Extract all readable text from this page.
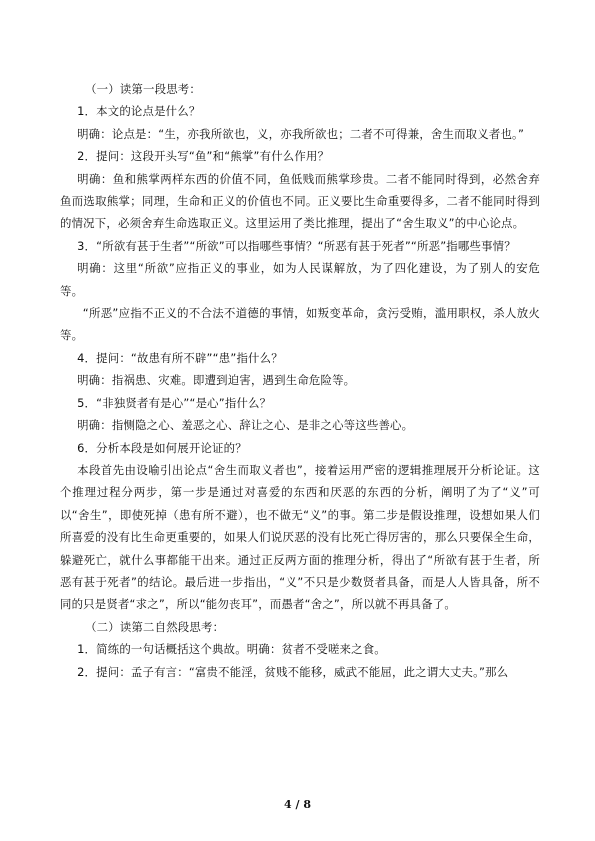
（一）读第一段思考：

1．本文的论点是什么？

明确：论点是：“生，亦我所欲也，义，亦我所欲也；二者不可得兼，舍生而取义者也。”

2．提问：这段开头写“鱼”和“熊掌”有什么作用？

明确：鱼和熊掌两样东西的价值不同，鱼低贱而熊掌珍贵。二者不能同时得到，必然舍弃鱼而选取熊掌；同理，生命和正义的价值也不同。正义要比生命重要得多，二者不能同时得到的情况下，必须舍弃生命选取正义。这里运用了类比推理，提出了“舍生取义”的中心论点。

3．“所欲有甚于生者”“所欲”可以指哪些事情？“所恶有甚于死者”“所恶”指哪些事情？

明确：这里“所欲”应指正义的事业，如为人民谋解放，为了四化建设，为了别人的安危等。

“所恶”应指不正义的不合法不道德的事情，如叛变革命，贪污受贿，滥用职权，杀人放火等。

4．提问：“故患有所不辟”“患”指什么？

明确：指祸患、灾难。即遭到迫害，遇到生命危险等。

5．“非独贤者有是心”“是心”指什么？

明确：指恻隐之心、羞恶之心、辞让之心、是非之心等这些善心。

6．分析本段是如何展开论证的？

本段首先由设喻引出论点“舍生而取义者也”，接着运用严密的逻辑推理展开分析论证。这个推理过程分两步，第一步是通过对喜爱的东西和厌恶的东西的分析，阐明了为了“义”可以“舍生”，即使死掉（患有所不避），也不做无“义”的事。第二步是假设推理，设想如果人们所喜爱的没有比生命更重要的，如果人们说厌恶的没有比死亡得厉害的，那么只要保全生命，躲避死亡，就什么事都能干出来。通过正反两方面的推理分析，得出了“所欲有甚于生者，所恶有甚于死者”的结论。最后进一步指出，“义”不只是少数贤者具备，而是人人皆具备，所不同的只是贤者“求之”，所以“能勿丧耳”，而愚者“舍之”，所以就不再具备了。

（二）读第二自然段思考：

1．简练的一句话概括这个典故。明确：贫者不受嗟来之食。

2．提问：孟子有言：“富贵不能淫，贫贱不能移，威武不能屈，此之谓大丈夫。”那么

4 / 8
